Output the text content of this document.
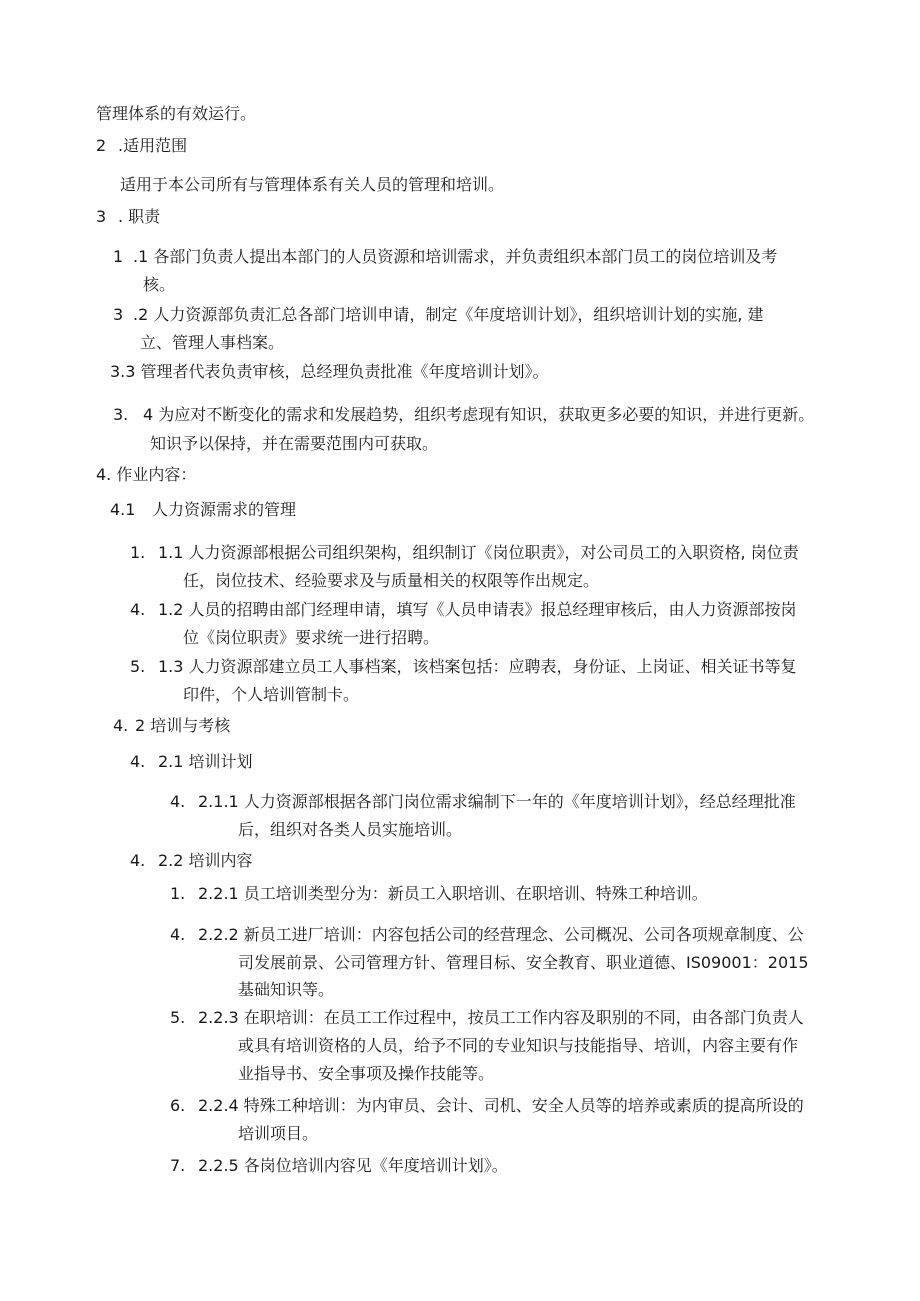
管理体系的有效运行。
2 .适用范围
适用于本公司所有与管理体系有关人员的管理和培训。
3 . 职责
1 .1 各部门负责人提出本部门的人员资源和培训需求，并负责组织本部门员工的岗位培训及考
核。
3 .2 人力资源部负责汇总各部门培训申请，制定《年度培训计划》，组织培训计划的实施, 建
立、管理人事档案。
3.3 管理者代表负责审核，总经理负责批准《年度培训计划》。
3. 4 为应对不断变化的需求和发展趋势，组织考虑现有知识，获取更多必要的知识，并进行更新。
知识予以保持，并在需要范围内可获取。
4. 作业内容：
4.1 人力资源需求的管理
1. 1.1 人力资源部根据公司组织架构，组织制订《岗位职责》，对公司员工的入职资格, 岗位责
任，岗位技术、经验要求及与质量相关的权限等作出规定。
4. 1.2 人员的招聘由部门经理申请，填写《人员申请表》报总经理审核后，由人力资源部按岗
位《岗位职责》要求统一进行招聘。
5. 1.3 人力资源部建立员工人事档案，该档案包括：应聘表，身份证、上岗证、相关证书等复
印件，个人培训管制卡。
4. 2 培训与考核
4. 2.1 培训计划
4. 2.1.1 人力资源部根据各部门岗位需求编制下一年的《年度培训计划》，经总经理批准
后，组织对各类人员实施培训。
4. 2.2 培训内容
1. 2.2.1 员工培训类型分为：新员工入职培训、在职培训、特殊工种培训。
4. 2.2.2 新员工进厂培训：内容包括公司的经营理念、公司概况、公司各项规章制度、公
司发展前景、公司管理方针、管理目标、安全教育、职业道德、IS09001：2015
基础知识等。
5. 2.2.3 在职培训：在员工工作过程中，按员工工作内容及职别的不同，由各部门负责人
或具有培训资格的人员，给予不同的专业知识与技能指导、培训，内容主要有作
业指导书、安全事项及操作技能等。
6. 2.2.4 特殊工种培训：为内审员、会计、司机、安全人员等的培养或素质的提高所设的
培训项目。
7. 2.2.5 各岗位培训内容见《年度培训计划》。
